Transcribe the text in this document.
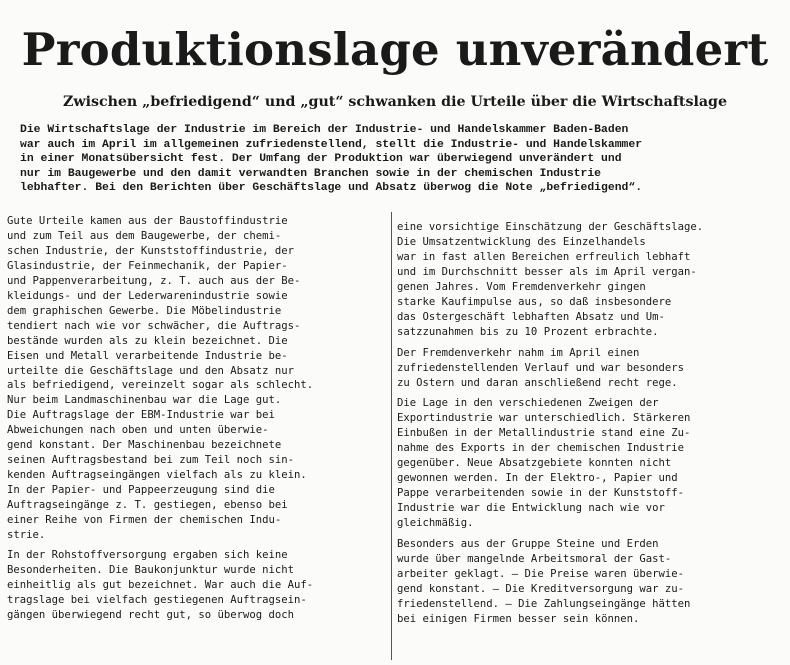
Produktionslage unverändert
Zwischen „befriedigend“ und „gut“ schwanken die Urteile über die Wirtschaftslage
Die Wirtschaftslage der Industrie im Bereich der Industrie- und Handelskammer Baden-Baden
war auch im April im allgemeinen zufriedenstellend, stellt die Industrie- und Handelskammer
in einer Monatsübersicht fest. Der Umfang der Produktion war überwiegend unverändert und
nur im Baugewerbe und den damit verwandten Branchen sowie in der chemischen Industrie
lebhafter. Bei den Berichten über Geschäftslage und Absatz überwog die Note „befriedigend“.
Gute Urteile kamen aus der Baustoffindustrie
und zum Teil aus dem Baugewerbe, der chemi-
schen Industrie, der Kunststoffindustrie, der
Glasindustrie, der Feinmechanik, der Papier-
und Pappenverarbeitung, z. T. auch aus der Be-
kleidungs- und der Lederwarenindustrie sowie
dem graphischen Gewerbe. Die Möbelindustrie
tendiert nach wie vor schwächer, die Auftrags-
bestände wurden als zu klein bezeichnet. Die
Eisen und Metall verarbeitende Industrie be-
urteilte die Geschäftslage und den Absatz nur
als befriedigend, vereinzelt sogar als schlecht.
Nur beim Landmaschinenbau war die Lage gut.
Die Auftragslage der EBM-Industrie war bei
Abweichungen nach oben und unten überwie-
gend konstant. Der Maschinenbau bezeichnete
seinen Auftragsbestand bei zum Teil noch sin-
kenden Auftragseingängen vielfach als zu klein.
In der Papier- und Pappeerzeugung sind die
Auftragseingänge z. T. gestiegen, ebenso bei
einer Reihe von Firmen der chemischen Indu-
strie.
In der Rohstoffversorgung ergaben sich keine
Besonderheiten. Die Baukonjunktur wurde nicht
einheitlig als gut bezeichnet. War auch die Auf-
tragslage bei vielfach gestiegenen Auftragsein-
gängen überwiegend recht gut, so überwog doch
eine vorsichtige Einschätzung der Geschäftslage.
Die Umsatzentwicklung des Einzelhandels
war in fast allen Bereichen erfreulich lebhaft
und im Durchschnitt besser als im April vergan-
genen Jahres. Vom Fremdenverkehr gingen
starke Kaufimpulse aus, so daß insbesondere
das Ostergeschäft lebhaften Absatz und Um-
satzzunahmen bis zu 10 Prozent erbrachte.
Der Fremdenverkehr nahm im April einen
zufriedenstellenden Verlauf und war besonders
zu Ostern und daran anschließend recht rege.
Die Lage in den verschiedenen Zweigen der
Exportindustrie war unterschiedlich. Stärkeren
Einbußen in der Metallindustrie stand eine Zu-
nahme des Exports in der chemischen Industrie
gegenüber. Neue Absatzgebiete konnten nicht
gewonnen werden. In der Elektro-, Papier und
Pappe verarbeitenden sowie in der Kunststoff-
Industrie war die Entwicklung nach wie vor
gleichmäßig.
Besonders aus der Gruppe Steine und Erden
wurde über mangelnde Arbeitsmoral der Gast-
arbeiter geklagt. — Die Preise waren überwie-
gend konstant. — Die Kreditversorgung war zu-
friedenstellend. — Die Zahlungseingänge hätten
bei einigen Firmen besser sein können.
